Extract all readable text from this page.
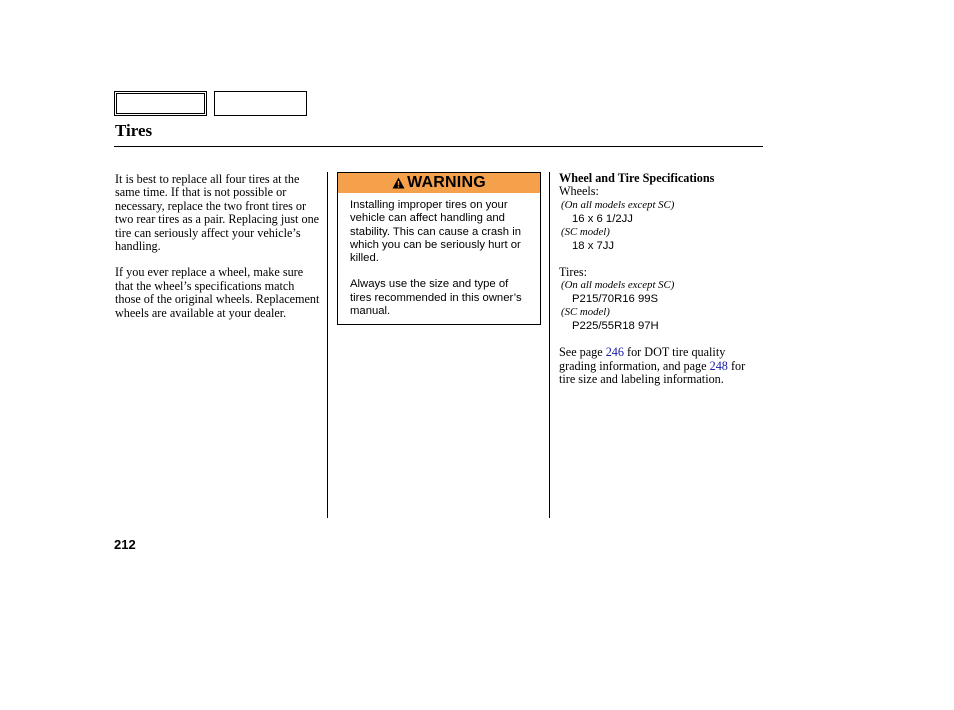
Tires

It is best to replace all four tires at the same time. If that is not possible or necessary, replace the two front tires or two rear tires as a pair. Replacing just one tire can seriously affect your vehicle’s handling.

If you ever replace a wheel, make sure that the wheel’s specifications match those of the original wheels. Replacement wheels are available at your dealer.

WARNING

Installing improper tires on your vehicle can affect handling and stability. This can cause a crash in which you can be seriously hurt or killed.

Always use the size and type of tires recommended in this owner’s manual.

Wheel and Tire Specifications
Wheels:
(On all models except SC)
16 x 6 1/2JJ
(SC model)
18 x 7JJ
Tires:
(On all models except SC)
P215/70R16 99S
(SC model)
P225/55R18 97H
See page 246 for DOT tire quality grading information, and page 248 for tire size and labeling information.
212
